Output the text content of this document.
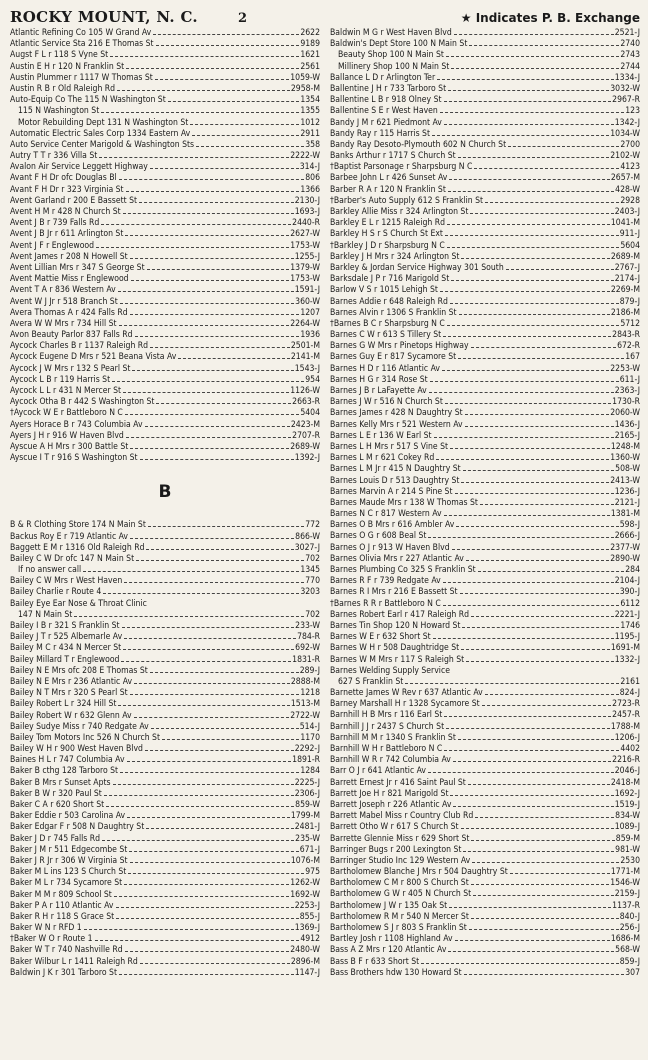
ROCKY MOUNT, N. C.	2	★ Indicates P. B. Exchange
Atlantic Refining Co 105 W Grand Av	2622
Atlantic Service Sta 216 E Thomas St	9189
Augst F L r 118 S Vyne St	1621
Austin E H r 120 N Franklin St	2561
Austin Plummer r 1117 W Thomas St	1059-W
Austin R B r Old Raleigh Rd	2958-M
Auto-Equip Co The 115 N Washington St	1354
115 N Washington St	1355
Motor Rebuilding Dept 131 N Washington St	1012
Automatic Electric Sales Corp 1334 Eastern Av	2911
Auto Service Center Marigold & Washington Sts	358
Autry T T r 336 Villa St	2222-W
Avalon Air Service Leggett Highway	314-J
Avant F H Dr ofc Douglas Bl	806
Avant F H Dr r 323 Virginia St	1366
Avent Garland r 200 E Bassett St	2130-J
Avent H M r 428 N Church St	1693-J
Avent J B r 739 Falls Rd	2440-R
Avent J B Jr r 611 Arlington St	2627-W
Avent J F r Englewood	1753-W
Avent James r 208 N Howell St	1255-J
Avent Lillian Mrs r 347 S George St	1379-W
Avent Mattie Miss r Englewood	1753-W
Avent T A r 836 Western Av	1591-J
Avent W J Jr r 518 Branch St	360-W
Avera Thomas A r 424 Falls Rd	1207
Avera W W Mrs r 734 Hill St	2264-W
Avon Beauty Parlor 837 Falls Rd	1936
Aycock Charles B r 1137 Raleigh Rd	2501-M
Aycock Eugene D Mrs r 521 Beana Vista Av	2141-M
Aycock J W Mrs r 132 S Pearl St	1543-J
Aycock L B r 119 Harris St	954
Aycock L L r 431 N Mercer St	1126-W
Aycock Otha B r 442 S Washington St	2663-R
†Aycock W E r Battleboro N C	5404
Ayers Horace B r 743 Columbia Av	2423-M
Ayers J H r 916 W Haven Blvd	2707-R
Ayscue A H Mrs r 300 Battle St	2689-W
Ayscue I T r 916 S Washington St	1392-J
B
B & R Clothing Store 174 N Main St	772
Backus Roy E r 719 Atlantic Av	866-W
Baggett E M r 1316 Old Raleigh Rd	3027-J
Bailey C W Dr ofc 147 N Main St	702
If no answer call	1345
Bailey C W Mrs r West Haven	770
Bailey Charlie r Route 4	3203
Bailey Eye Ear Nose & Throat Clinic
147 N Main St	702
Bailey I B r 321 S Franklin St	233-W
Bailey J T r 525 Albemarle Av	784-R
Bailey M C r 434 N Mercer St	692-W
Bailey Millard T r Englewood	1831-R
Bailey N E Mrs ofc 208 E Thomas St	289-J
Bailey N E Mrs r 236 Atlantic Av	2888-M
Bailey N T Mrs r 320 S Pearl St	1218
Bailey Robert L r 324 Hill St	1513-M
Bailey Robert W r 632 Glenn Av	2722-W
Bailey Sudye Miss r 740 Redgate Av	514-J
Bailey Tom Motors Inc 526 N Church St	1170
Bailey W H r 900 West Haven Blvd	2292-J
Baines H L r 747 Columbia Av	1891-R
Baker B cthg 128 Tarboro St	1284
Baker B Mrs r Sunset Apts	2225-J
Baker B W r 320 Paul St	2306-J
Baker C A r 620 Short St	859-W
Baker Eddie r 503 Carolina Av	1799-M
Baker Edgar F r 508 N Daughtry St	2481-J
Baker J D r 745 Falls Rd	235-W
Baker J M r 511 Edgecombe St	671-J
Baker J R Jr r 306 W Virginia St	1076-M
Baker M L ins 123 S Church St	975
Baker M L r 734 Sycamore St	1262-W
Baker M M r 809 School St	1692-W
Baker P A r 110 Atlantic Av	2253-J
Baker R H r 118 S Grace St	855-J
Baker W N r RFD 1	1369-J
†Baker W O r Route 1	4912
Baker W T r 740 Nashville Rd	2480-W
Baker Wilbur L r 1411 Raleigh Rd	2896-M
Baldwin J K r 301 Tarboro St	1147-J
Baldwin M G r West Haven Blvd	2521-J
Baldwin's Dept Store 100 N Main St	2740
Beauty Shop 100 N Main St	2743
Millinery Shop 100 N Main St	2744
Ballance L D r Arlington Ter	1334-J
Ballentine J H r 733 Tarboro St	3032-W
Ballentine L B r 918 Olney St	2967-R
Ballentine S E r West Haven	123
Bandy J M r 621 Piedmont Av	1342-J
Bandy Ray r 115 Harris St	1034-W
Bandy Ray Desoto-Plymouth 602 N Church St	2700
Banks Arthur r 1717 S Church St	2102-W
†Baptist Parsonage r Sharpsburg N C	4123
Barbee John L r 426 Sunset Av	2657-M
Barber R A r 120 N Franklin St	428-W
†Barber's Auto Supply 612 S Franklin St	2928
Barkley Allie Miss r 324 Arlington St	2403-J
Barkley E L r 1215 Raleigh Rd	1041-M
Barkley H S r S Church St Ext	911-J
†Barkley J D r Sharpsburg N C	5604
Barkley J H Mrs r 324 Arlington St	2689-M
Barkley & Jordan Service Highway 301 South	2767-J
Barksdale J P r 716 Marigold St	2174-J
Barlow V S r 1015 Lehigh St	2269-M
Barnes Addie r 648 Raleigh Rd	879-J
Barnes Alvin r 1306 S Franklin St	2186-M
†Barnes B C r Sharpsburg N C	5712
Barnes C W r 613 S Tillery St	2843-R
Barnes G W Mrs r Pinetops Highway	672-R
Barnes Guy E r 817 Sycamore St	167
Barnes H D r 116 Atlantic Av	2253-W
Barnes H G r 314 Rose St	611-J
Barnes J B r LaFayette Av	2363-J
Barnes J W r 516 N Church St	1730-R
Barnes James r 428 N Daughtry St	2060-W
Barnes Kelly Mrs r 521 Western Av	1436-J
Barnes L E r 136 W Earl St	2165-J
Barnes L H Mrs r 517 S Vine St	1248-M
Barnes L M r 621 Cokey Rd	1360-W
Barnes L M Jr r 415 N Daughtry St	508-W
Barnes Louis D r 513 Daughtry St	2413-W
Barnes Marvin A r 214 S Pine St	1236-J
Barnes Maude Mrs r 138 W Thomas St	2121-J
Barnes N C r 817 Western Av	1381-M
Barnes O B Mrs r 616 Ambler Av	598-J
Barnes O G r 608 Beal St	2666-J
Barnes O J r 913 W Haven Blvd	2377-W
Barnes Olivia Mrs r 227 Atlantic Av	2890-W
Barnes Plumbing Co 325 S Franklin St	284
Barnes R F r 739 Redgate Av	2104-J
Barnes R I Mrs r 216 E Bassett St	390-J
†Barnes R R r Battleboro N C	6112
Barnes Robert Earl r 417 Raleigh Rd	2221-J
Barnes Tin Shop 120 N Howard St	1746
Barnes W E r 632 Short St	1195-J
Barnes W H r 508 Daughtridge St	1691-M
Barnes W M Mrs r 117 S Raleigh St	1332-J
Barnes Welding Supply Service
627 S Franklin St	2161
Barnette James W Rev r 637 Atlantic Av	824-J
Barney Marshall H r 1328 Sycamore St	2723-R
Barnhill H B Mrs r 116 Earl St	2457-R
Barnhill J J r 2437 S Church St	1788-M
Barnhill M M r 1340 S Franklin St	1206-J
Barnhill W H r Battleboro N C	4402
Barnhill W R r 742 Columbia Av	2216-R
Barr O J r 641 Atlantic Av	2046-J
Barrett Ernest Jr r 416 Saint Paul St	2418-M
Barrett Joe H r 821 Marigold St	1692-J
Barrett Joseph r 226 Atlantic Av	1519-J
Barrett Mabel Miss r Country Club Rd	834-W
Barrett Otho W r 617 S Church St	1089-J
Barrette Glennie Miss r 629 Short St	859-M
Barringer Bugs r 200 Lexington St	981-W
Barringer Studio Inc 129 Western Av	2530
Bartholomew Blanche J Mrs r 504 Daughtry St	1771-M
Bartholomew C M r 800 S Church St	1546-W
Bartholomew G W r 405 N Church St	2159-J
Bartholomew J W r 135 Oak St	1137-R
Bartholomew R M r 540 N Mercer St	840-J
Bartholomew S J r 803 S Franklin St	256-J
Bartley Josh r 1108 Highland Av	1686-M
Bass A Z Mrs r 120 Atlantic Av	568-W
Bass B F r 633 Short St	859-J
Bass Brothers hdw 130 Howard St	307
